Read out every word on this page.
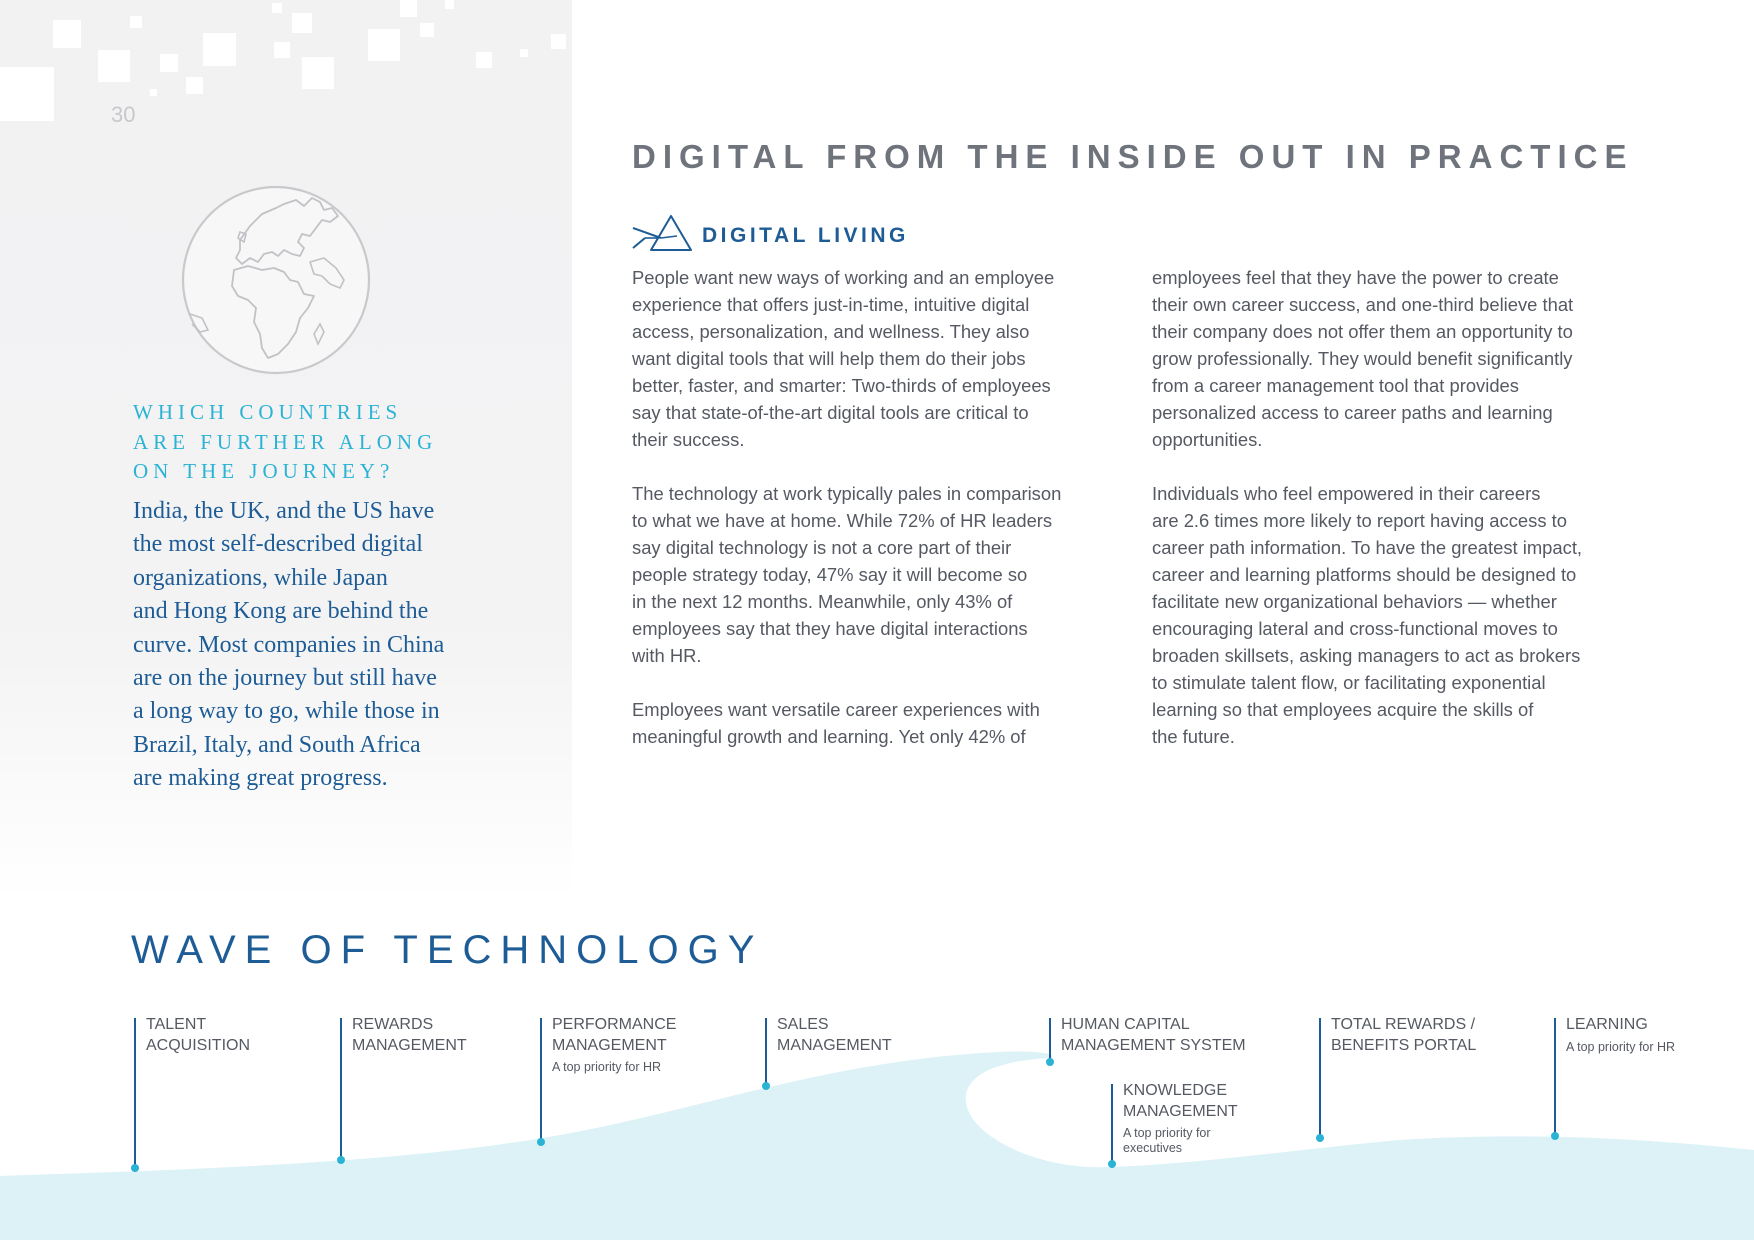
30
WHICH COUNTRIES
ARE FURTHER ALONG
ON THE JOURNEY?
India, the UK, and the US have
the most self-described digital
organizations, while Japan
and Hong Kong are behind the
curve. Most companies in China
are on the journey but still have
a long way to go, while those in
Brazil, Italy, and South Africa
are making great progress.
DIGITAL FROM THE INSIDE OUT IN PRACTICE
DIGITAL LIVING
People want new ways of working and an employee
experience that offers just-in-time, intuitive digital
access, personalization, and wellness. They also
want digital tools that will help them do their jobs
better, faster, and smarter: Two-thirds of employees
say that state-of-the-art digital tools are critical to
their success.
The technology at work typically pales in comparison
to what we have at home. While 72% of HR leaders
say digital technology is not a core part of their
people strategy today, 47% say it will become so
in the next 12 months. Meanwhile, only 43% of
employees say that they have digital interactions
with HR.
Employees want versatile career experiences with
meaningful growth and learning. Yet only 42% of
employees feel that they have the power to create
their own career success, and one-third believe that
their company does not offer them an opportunity to
grow professionally. They would benefit significantly
from a career management tool that provides
personalized access to career paths and learning
opportunities.
Individuals who feel empowered in their careers
are 2.6 times more likely to report having access to
career path information. To have the greatest impact,
career and learning platforms should be designed to
facilitate new organizational behaviors — whether
encouraging lateral and cross-functional moves to
broaden skillsets, asking managers to act as brokers
to stimulate talent flow, or facilitating exponential
learning so that employees acquire the skills of
the future.
WAVE OF TECHNOLOGY
TALENT
ACQUISITION
REWARDS
MANAGEMENT
PERFORMANCE
MANAGEMENT
A top priority for HR
SALES
MANAGEMENT
HUMAN CAPITAL
MANAGEMENT SYSTEM
KNOWLEDGE
MANAGEMENT
A top priority for
executives
TOTAL REWARDS /
BENEFITS PORTAL
LEARNING
A top priority for HR
